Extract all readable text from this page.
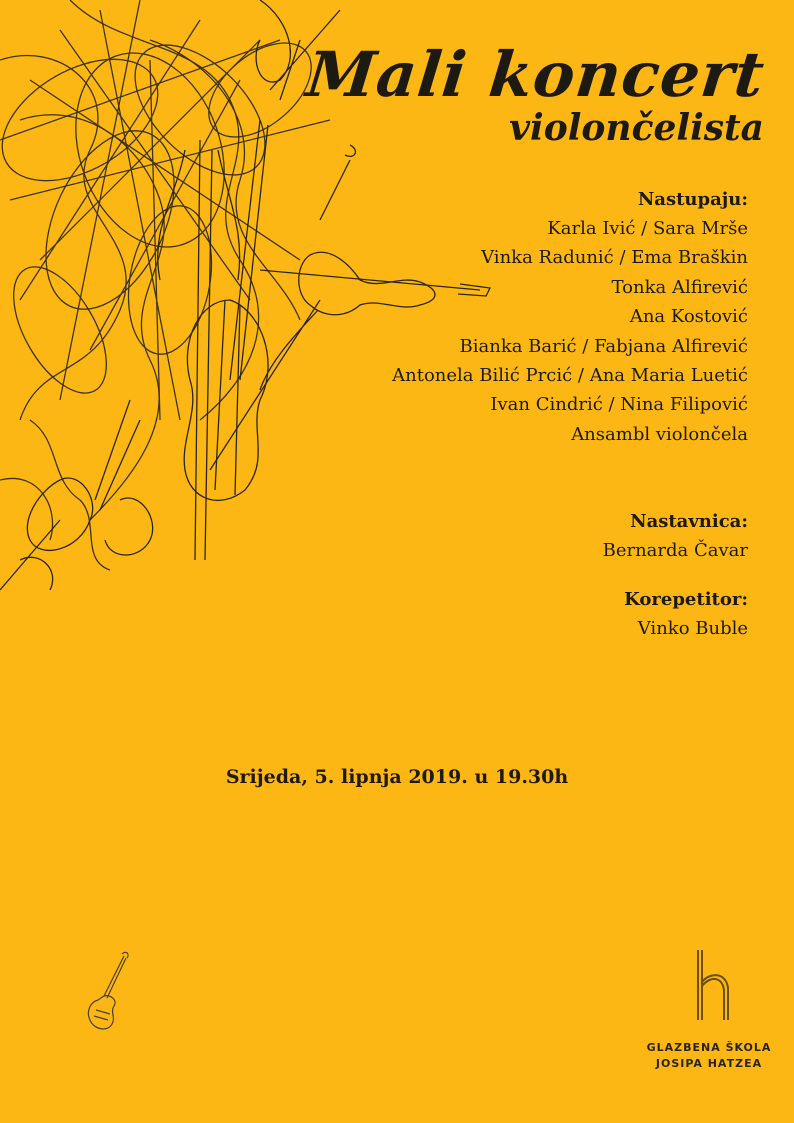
Mali koncert
violončelista
Nastupaju:
Karla Ivić / Sara Mrše
Vinka Radunić / Ema Braškin
Tonka Alfirević
Ana Kostović
Bianka Barić / Fabjana Alfirević
Antonela Bilić Prcić / Ana Maria Luetić
Ivan Cindrić / Nina Filipović
Ansambl violončela
Nastavnica:
Bernarda Čavar
Korepetitor:
Vinko Buble
Srijeda, 5. lipnja 2019. u 19.30h
GLAZBENA ŠKOLA
JOSIPA HATZEA
